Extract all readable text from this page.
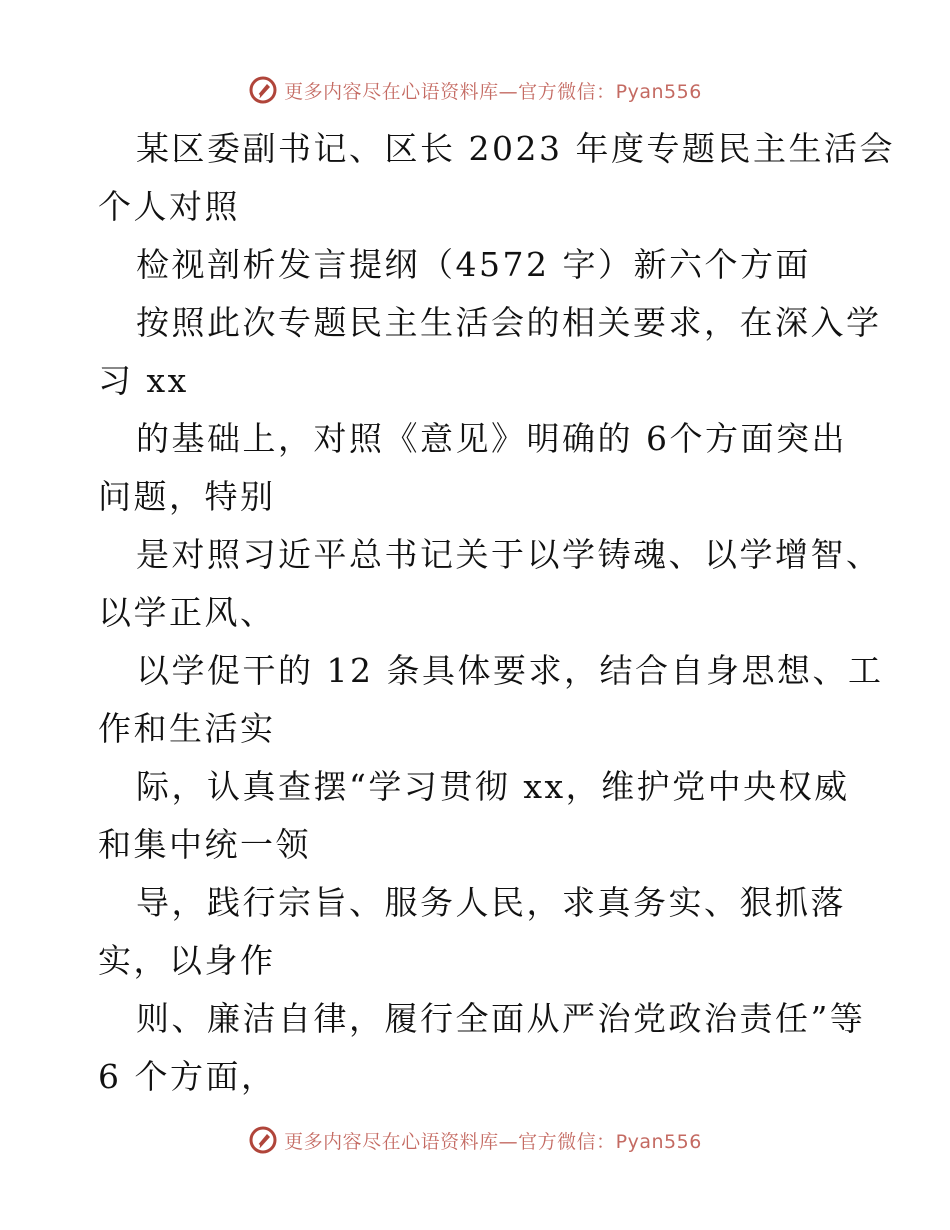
更多内容尽在心语资料库—官方微信：Pyan556
某区委副书记、区长 2023 年度专题民主生活会
个人对照
检视剖析发言提纲（4572 字）新六个方面
按照此次专题民主生活会的相关要求，在深入学
习 xx
的基础上，对照《意见》明确的 6个方面突出
问题，特别
是对照习近平总书记关于以学铸魂、以学增智、
以学正风、
以学促干的 12 条具体要求，结合自身思想、工
作和生活实
际，认真查摆“学习贯彻 xx，维护党中央权威
和集中统一领
导，践行宗旨、服务人民，求真务实、狠抓落
实，以身作
则、廉洁自律，履行全面从严治党政治责任”等
6 个方面，
更多内容尽在心语资料库—官方微信：Pyan556
